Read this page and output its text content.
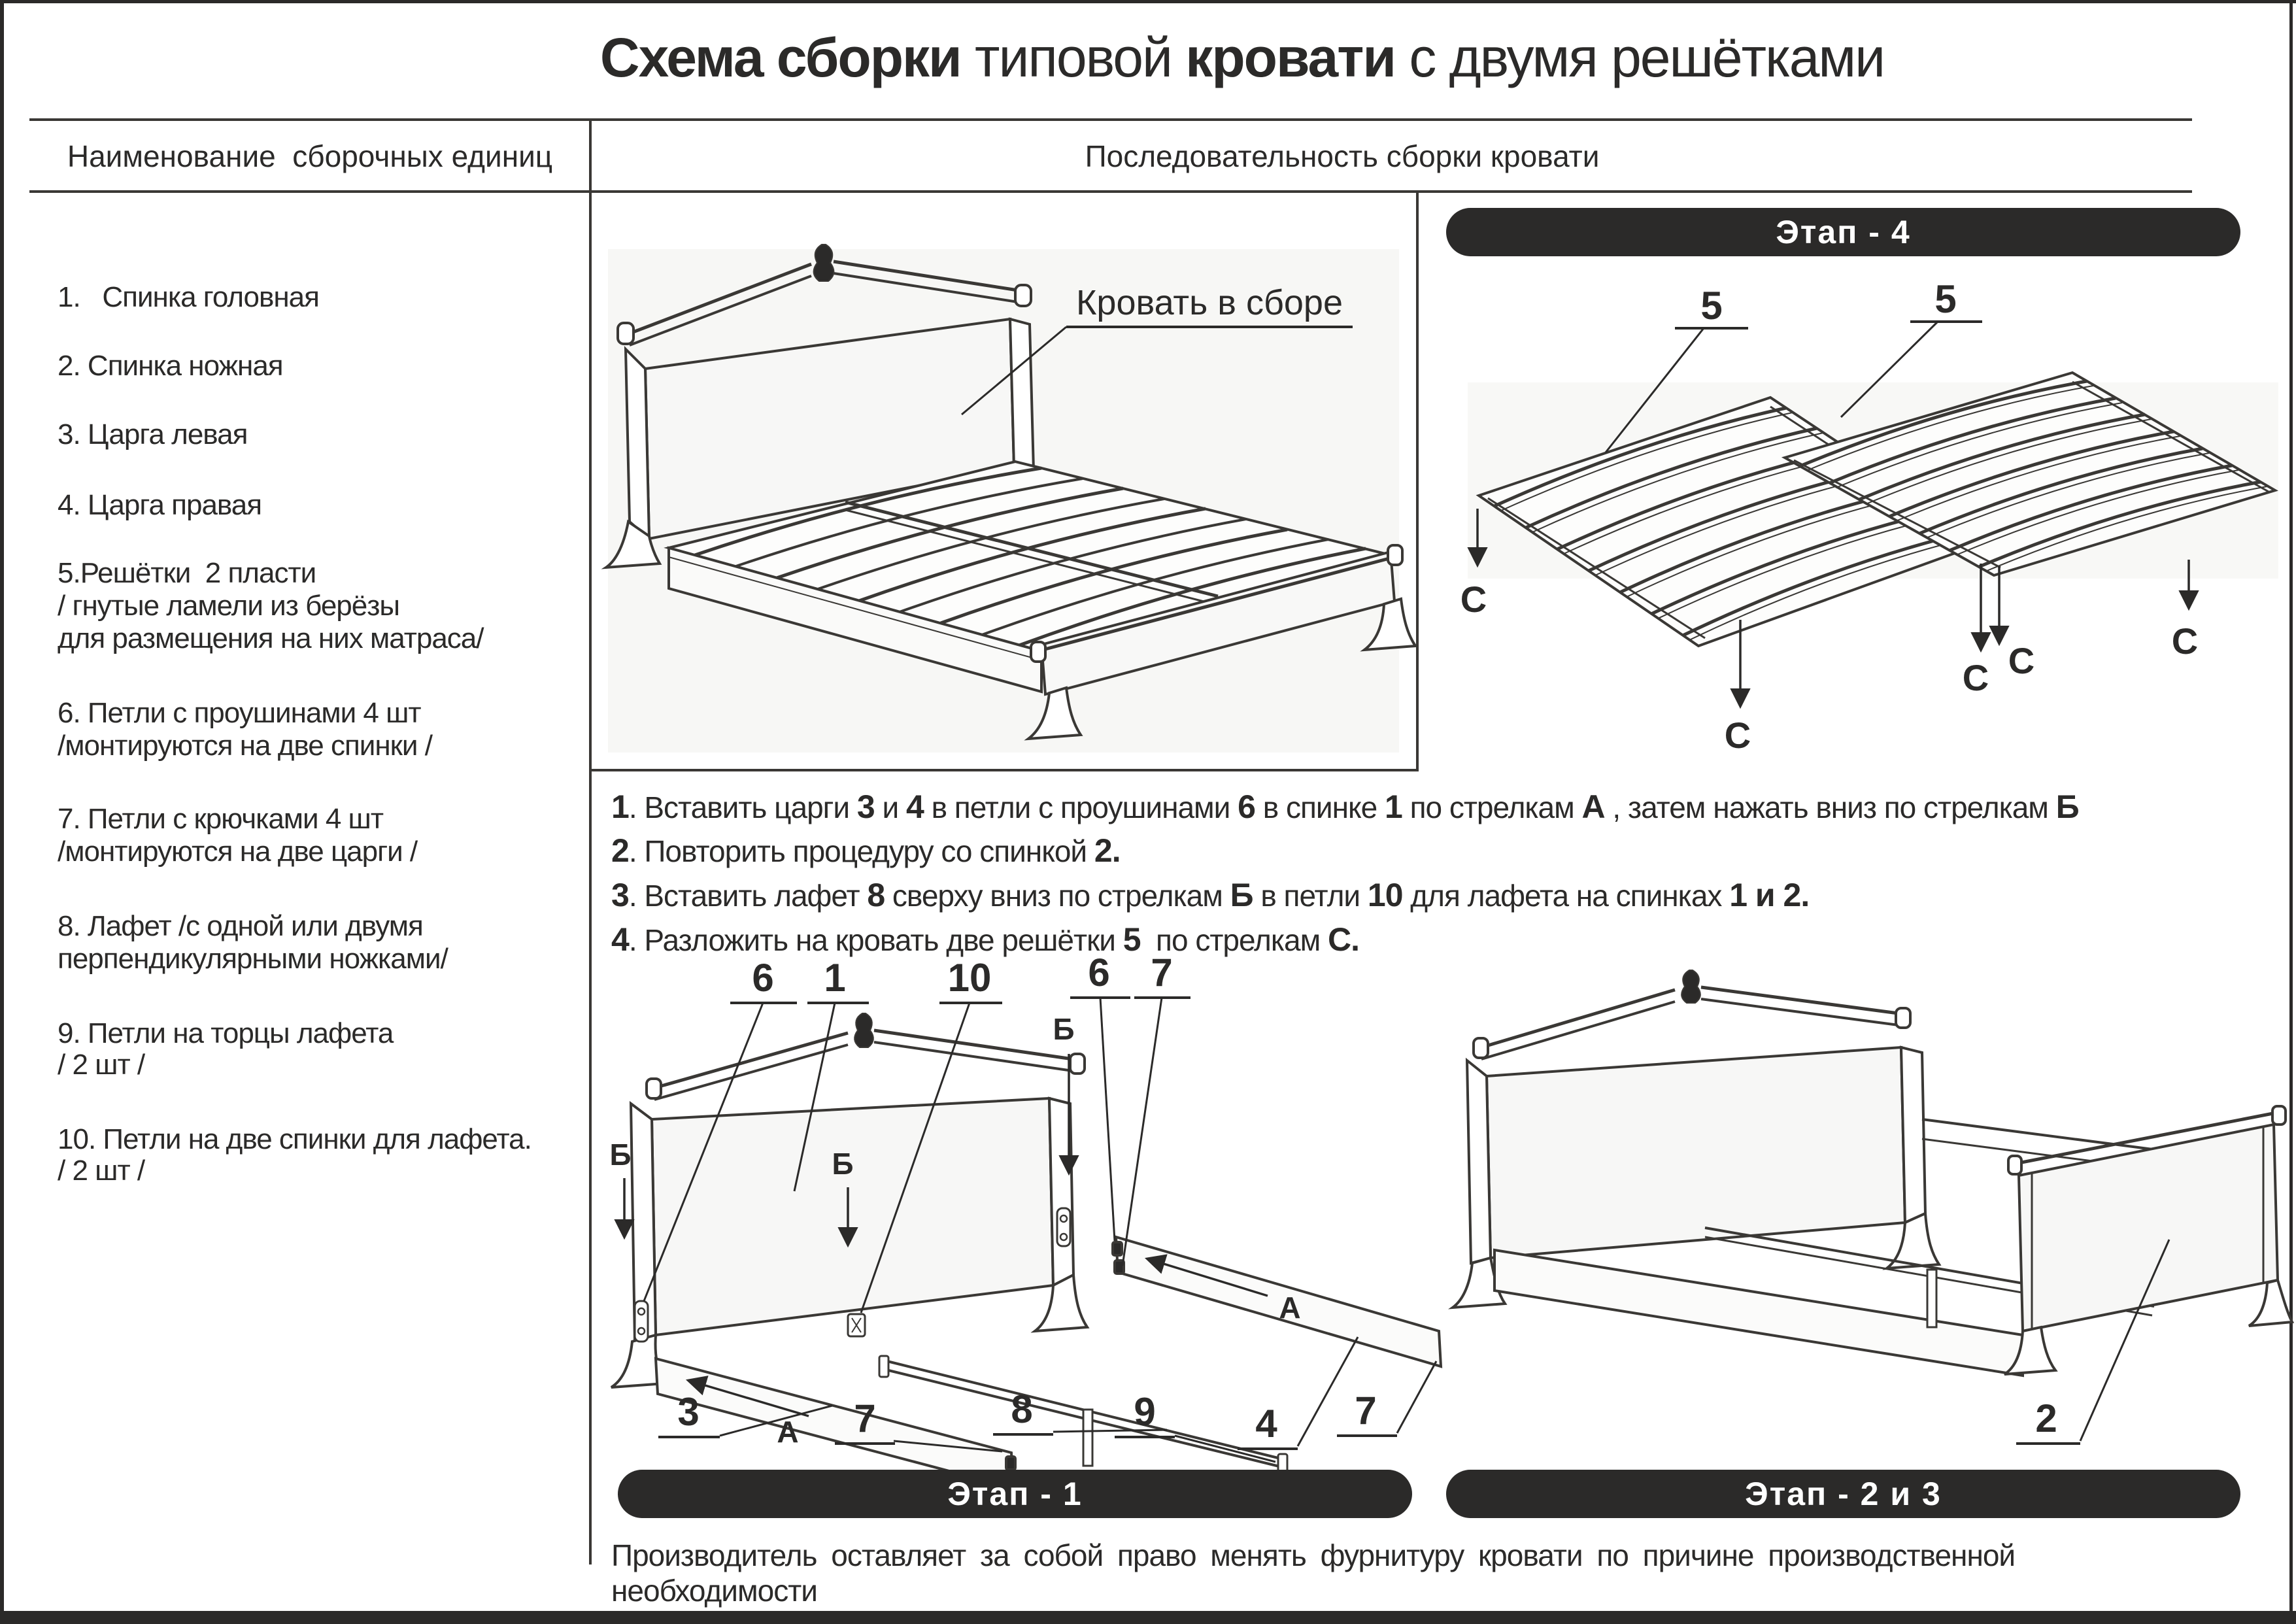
Схема сборки типовой кровати с двумя решётками
Наименование  сборочных единиц	Последовательность сборки кровати
1.   Спинка головная
2. Спинка ножная
3. Царга левая
4. Царга правая
5.Решётки  2 пласти
/ гнутые ламели из берёзы
для размещения на них матраса/
6. Петли с проушинами 4 шт
/монтируются на две спинки /
7. Петли с крючками 4 шт
/монтируются на две царги /
8. Лафет /с одной или двумя
перпендикулярными ножками/
9. Петли на торцы лафета
/ 2 шт /
10. Петли на две спинки для лафета.
/ 2 шт /
Кровать в сборе
Этап - 4
5	5
С
С
С С	С
1. Вставить царги 3 и 4 в петли с проушинами 6 в спинке 1 по стрелкам А , затем нажать вниз по стрелкам Б
2. Повторить процедуру со спинкой 2.
3. Вставить лафет 8 сверху вниз по стрелкам Б в петли 10 для лафета на спинках 1 и 2.
4. Разложить на кровать две решётки 5  по стрелкам С.
6 1	10 6 7
Б	Б
Б
А
А
3	7	8	9	4 7	2
Этап - 1	Этап - 2 и 3
Производитель оставляет за собой право менять фурнитуру кровати по причине производственной необходимости
